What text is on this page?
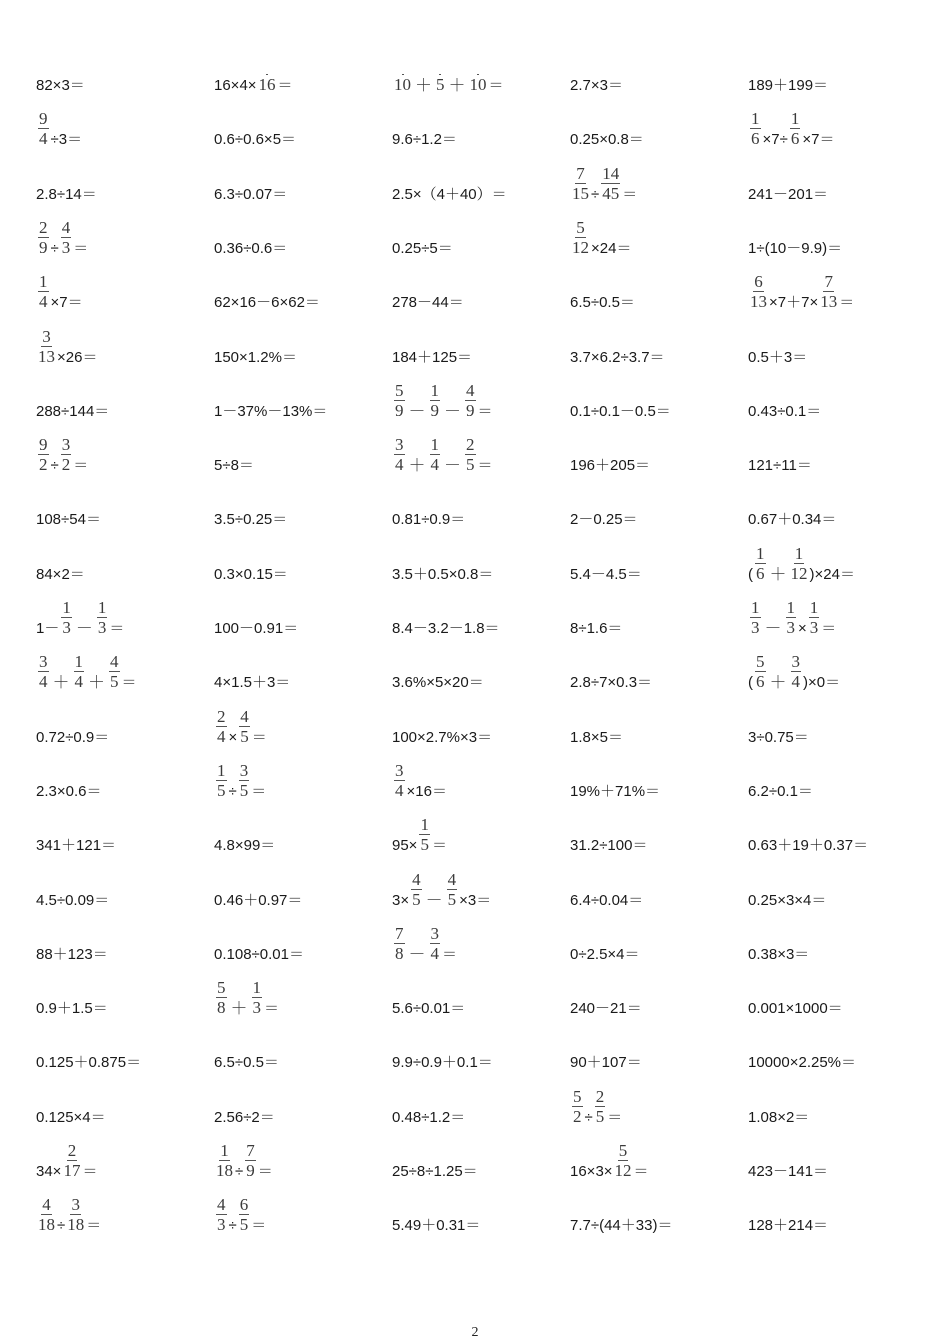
82×3＝	16×4× 16 ＝	10 ＋ 5 ＋ 10 ＝	2.7×3＝	189＋199＝
$\frac{9}{4} \div 3=$	0.6÷0.6×5＝	9.6÷1.2＝	0.25×0.8＝	$\frac{1}{6} \times 7\div \frac{1}{6} \times 7=$
2.8÷14＝	6.3÷0.07＝	2.5×（4＋40）＝	$\frac{7}{15} \div \frac{14}{45}$ ＝	241－201＝
$\frac{2}{9} \div \frac{4}{3}$ ＝	0.36÷0.6＝	0.25÷5＝	$\frac{5}{12} \times 24=$	1÷(10－9.9)＝
$\frac{1}{4} \times 7=$	62×16－6×62＝	278－44＝	6.5÷0.5＝	$\frac{6}{13} \times 7+7\times \frac{7}{13}$ ＝
$\frac{3}{13} \times 26=$	150×1.2%＝	184＋125＝	3.7×6.2÷3.7＝	0.5＋3＝
288÷144＝	1－37%－13%＝	$\frac{5}{9} - \frac{1}{9} - \frac{4}{9}$ ＝	0.1÷0.1－0.5＝	0.43÷0.1＝
$\frac{9}{2} \div \frac{3}{2}$ ＝	5÷8＝	$\frac{3}{4} + \frac{1}{4} - \frac{2}{5}$ ＝	196＋205＝	121÷11＝
108÷54＝	3.5÷0.25＝	0.81÷0.9＝	2－0.25＝	0.67＋0.34＝
84×2＝	0.3×0.15＝	3.5＋0.5×0.8＝	5.4－4.5＝	( $\frac{1}{6} + \frac{1}{12} )\times 24=$
$1- \frac{1}{3} - \frac{1}{3}$ ＝	100－0.91＝	8.4－3.2－1.8＝	8÷1.6＝	$\frac{1}{3} - \frac{1}{3} \times \frac{1}{3}$ ＝
$\frac{3}{4} + \frac{1}{4} + \frac{4}{5}$ ＝	4×1.5＋3＝	3.6%×5×20＝	2.8÷7×0.3＝	( $\frac{5}{6} + \frac{3}{4} )\times 0=$
0.72÷0.9＝	$\frac{2}{4} \times \frac{4}{5}$ ＝	100×2.7%×3＝	1.8×5＝	3÷0.75＝
2.3×0.6＝	$\frac{1}{5} \div \frac{3}{5}$ ＝	$\frac{3}{4} \times 16=$	19%＋71%＝	6.2÷0.1＝
341＋121＝	4.8×99＝	$95\times \frac{1}{5}$ ＝	31.2÷100＝	0.63＋19＋0.37＝
4.5÷0.09＝	0.46＋0.97＝	$3\times \frac{4}{5} - \frac{4}{5} \times 3=$	6.4÷0.04＝	0.25×3×4＝
88＋123＝	0.108÷0.01＝	$\frac{7}{8} - \frac{3}{4}$ ＝	0÷2.5×4＝	0.38×3＝
0.9＋1.5＝	$\frac{5}{8} + \frac{1}{3}$ ＝	5.6÷0.01＝	240－21＝	0.001×1000＝
0.125＋0.875＝	6.5÷0.5＝	9.9÷0.9＋0.1＝	90＋107＝	10000×2.25%＝
0.125×4＝	2.56÷2＝	0.48÷1.2＝	$\frac{5}{2} \div \frac{2}{5}$ ＝	1.08×2＝
$34\times \frac{2}{17}$ ＝	$\frac{1}{18} \div \frac{7}{9}$ ＝	25÷8÷1.25＝	$16\times 3\times \frac{5}{12}$ ＝	423－141＝
$\frac{4}{18} \div \frac{3}{18}$ ＝	$\frac{4}{3} \div \frac{6}{5}$ ＝	5.49＋0.31＝	7.7÷(44＋33)＝	128＋214＝
2
